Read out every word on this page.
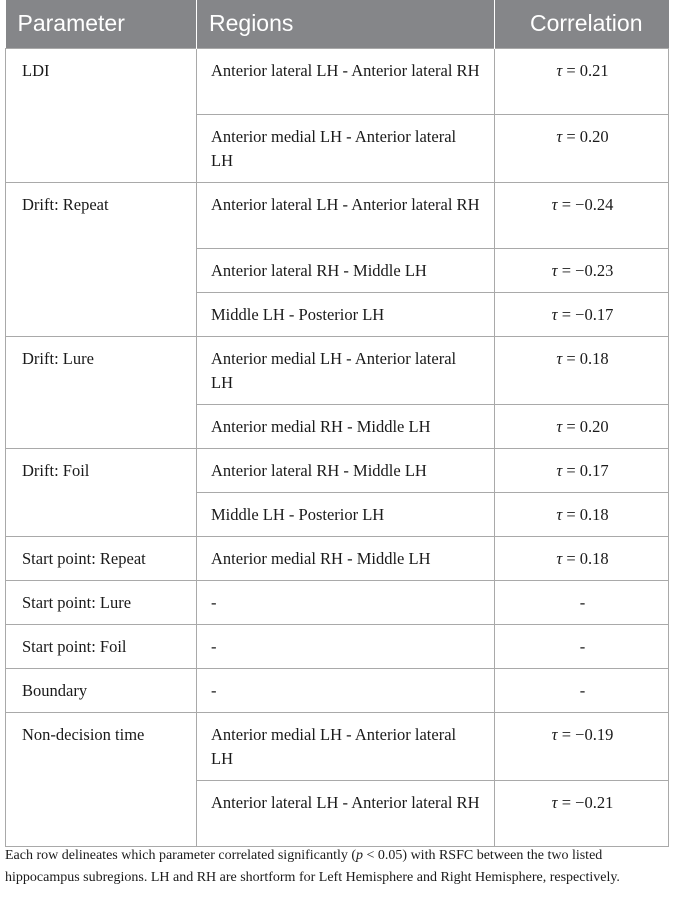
Parameter	Regions	Correlation
LDI	Anterior lateral LH - Anterior lateral RH	τ = 0.21
	Anterior medial LH - Anterior lateral LH	τ = 0.20
Drift: Repeat	Anterior lateral LH - Anterior lateral RH	τ = −0.24
	Anterior lateral RH - Middle LH	τ = −0.23
	Middle LH - Posterior LH	τ = −0.17
Drift: Lure	Anterior medial LH - Anterior lateral LH	τ = 0.18
	Anterior medial RH - Middle LH	τ = 0.20
Drift: Foil	Anterior lateral RH - Middle LH	τ = 0.17
	Middle LH - Posterior LH	τ = 0.18
Start point: Repeat	Anterior medial RH - Middle LH	τ = 0.18
Start point: Lure	-	-
Start point: Foil	-	-
Boundary	-	-
Non-decision time	Anterior medial LH - Anterior lateral LH	τ = −0.19
	Anterior lateral LH - Anterior lateral RH	τ = −0.21

Each row delineates which parameter correlated significantly (p < 0.05) with RSFC between the two listed hippocampus subregions. LH and RH are shortform for Left Hemisphere and Right Hemisphere, respectively.
